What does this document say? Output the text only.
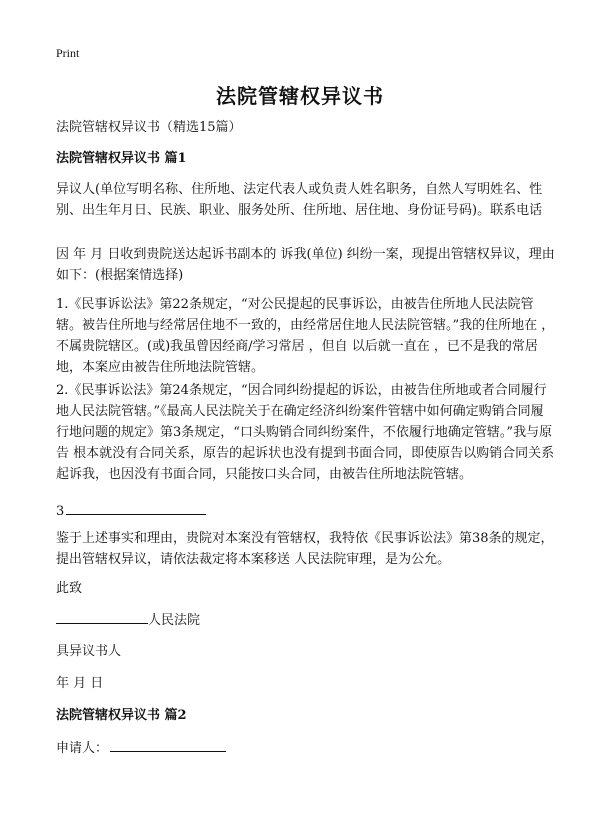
Print
法院管辖权异议书

法院管辖权异议书（精选15篇）

法院管辖权异议书 篇1

异议人(单位写明名称、住所地、法定代表人或负责人姓名职务，自然人写明姓名、性别、出生年月日、民族、职业、服务处所、住所地、居住地、身份证号码)。联系电话

因 年 月 日收到贵院送达起诉书副本的 诉我(单位) 纠纷一案，现提出管辖权异议，理由如下：(根据案情选择)

1.《民事诉讼法》第22条规定，“对公民提起的民事诉讼，由被告住所地人民法院管辖。被告住所地与经常居住地不一致的，由经常居住地人民法院管辖。”我的住所地在 ，不属贵院辖区。(或)我虽曾因经商/学习常居 ，但自 以后就一直在 ，已不是我的常居地，本案应由被告住所地法院管辖。

2.《民事诉讼法》第24条规定，“因合同纠纷提起的诉讼，由被告住所地或者合同履行地人民法院管辖。”《最高人民法院关于在确定经济纠纷案件管辖中如何确定购销合同履行地问题的规定》第3条规定，“口头购销合同纠纷案件，不依履行地确定管辖。”我与原告 根本就没有合同关系，原告的起诉状也没有提到书面合同，即使原告以购销合同关系起诉我，也因没有书面合同，只能按口头合同，由被告住所地法院管辖。

3

鉴于上述事实和理由，贵院对本案没有管辖权，我特依《民事诉讼法》第38条的规定，提出管辖权异议，请依法裁定将本案移送 人民法院审理，是为公允。

此致

人民法院

具异议书人

年 月 日

法院管辖权异议书 篇2

申请人：
